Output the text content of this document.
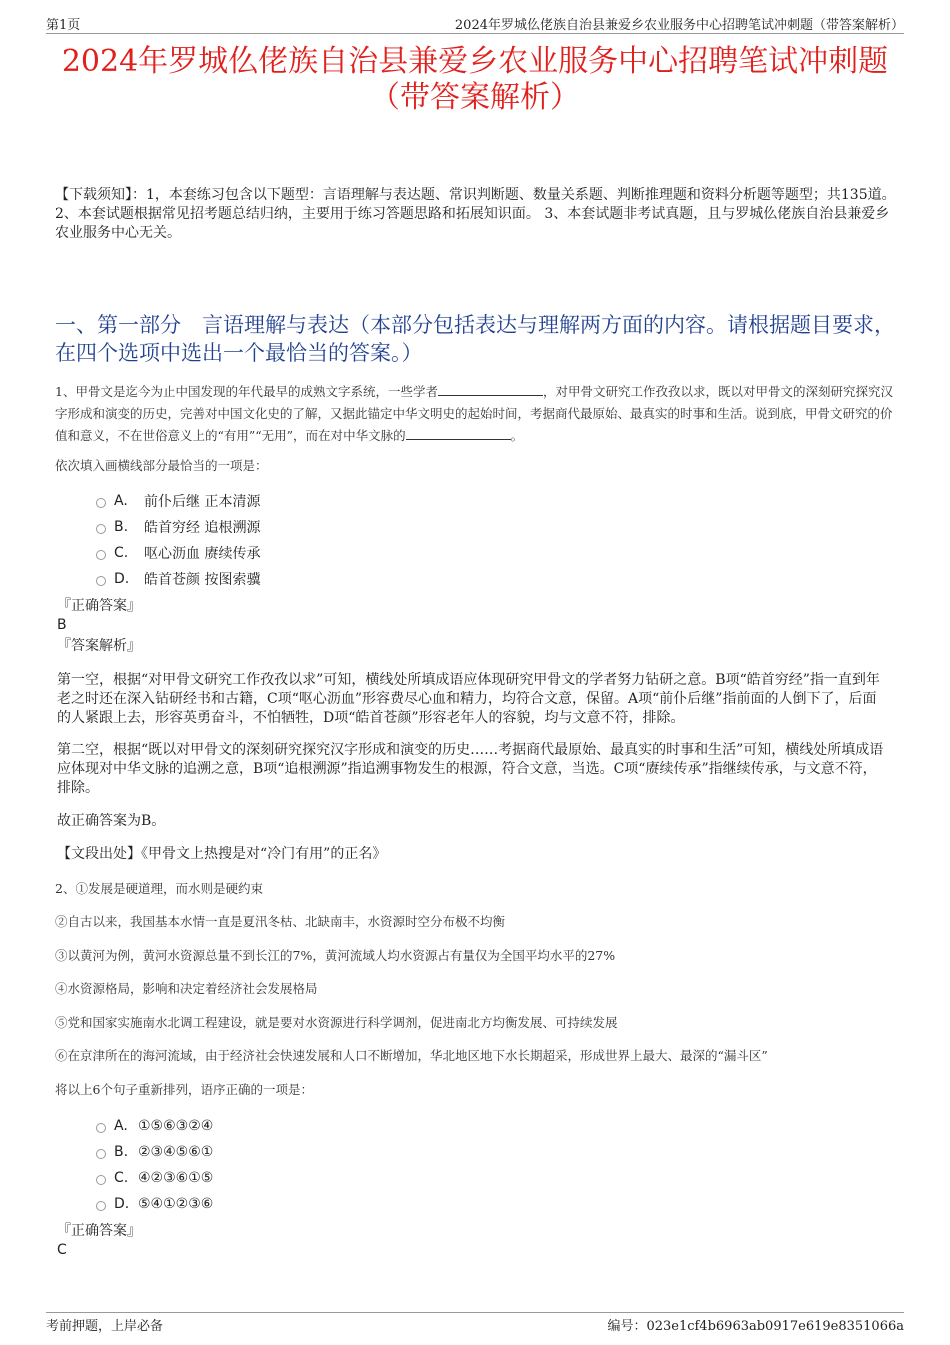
第1页	2024年罗城仫佬族自治县兼爱乡农业服务中心招聘笔试冲刺题（带答案解析）
2024年罗城仫佬族自治县兼爱乡农业服务中心招聘笔试冲刺题
（带答案解析）
【下载须知】：1，本套练习包含以下题型：言语理解与表达题、常识判断题、数量关系题、判断推理题和资料分析题等题型；共135道。 2、本套试题根据常见招考题总结归纳，主要用于练习答题思路和拓展知识面。 3、本套试题非考试真题，且与罗城仫佬族自治县兼爱乡农业服务中心无关。
一、第一部分　言语理解与表达（本部分包括表达与理解两方面的内容。请根据题目要求，在四个选项中选出一个最恰当的答案。）
1、甲骨文是迄今为止中国发现的年代最早的成熟文字系统，一些学者	，对甲骨文研究工作孜孜以求，既以对甲骨文的深刻研究探究汉字形成和演变的历史，完善对中国文化史的了解，又据此锚定中华文明史的起始时间，考据商代最原始、最真实的时事和生活。说到底，甲骨文研究的价值和意义，不在世俗意义上的“有用”“无用”，而在对中华文脉的	。
依次填入画横线部分最恰当的一项是：
A.	前仆后继 正本清源
B.	皓首穷经 追根溯源
C.	呕心沥血 赓续传承
D.	皓首苍颜 按图索骥
『正确答案』
B
『答案解析』
第一空，根据“对甲骨文研究工作孜孜以求”可知，横线处所填成语应体现研究甲骨文的学者努力钻研之意。B项“皓首穷经”指一直到年老之时还在深入钻研经书和古籍，C项“呕心沥血”形容费尽心血和精力，均符合文意，保留。A项“前仆后继”指前面的人倒下了，后面的人紧跟上去，形容英勇奋斗，不怕牺牲，D项“皓首苍颜”形容老年人的容貌，均与文意不符，排除。
第二空，根据“既以对甲骨文的深刻研究探究汉字形成和演变的历史……考据商代最原始、最真实的时事和生活”可知，横线处所填成语应体现对中华文脉的追溯之意，B项“追根溯源”指追溯事物发生的根源，符合文意，当选。C项“赓续传承”指继续传承，与文意不符，排除。
故正确答案为B。
【文段出处】《甲骨文上热搜是对“冷门有用”的正名》
2、①发展是硬道理，而水则是硬约束
②自古以来，我国基本水情一直是夏汛冬枯、北缺南丰，水资源时空分布极不均衡
③以黄河为例，黄河水资源总量不到长江的7%，黄河流域人均水资源占有量仅为全国平均水平的27%
④水资源格局，影响和决定着经济社会发展格局
⑤党和国家实施南水北调工程建设，就是要对水资源进行科学调剂，促进南北方均衡发展、可持续发展
⑥在京津所在的海河流域，由于经济社会快速发展和人口不断增加，华北地区地下水长期超采，形成世界上最大、最深的“漏斗区”
将以上6个句子重新排列，语序正确的一项是：
A. ①⑤⑥③②④
B. ②③④⑤⑥①
C. ④②③⑥①⑤
D. ⑤④①②③⑥
『正确答案』
C
考前押题，上岸必备	编号：023e1cf4b6963ab0917e619e8351066a
